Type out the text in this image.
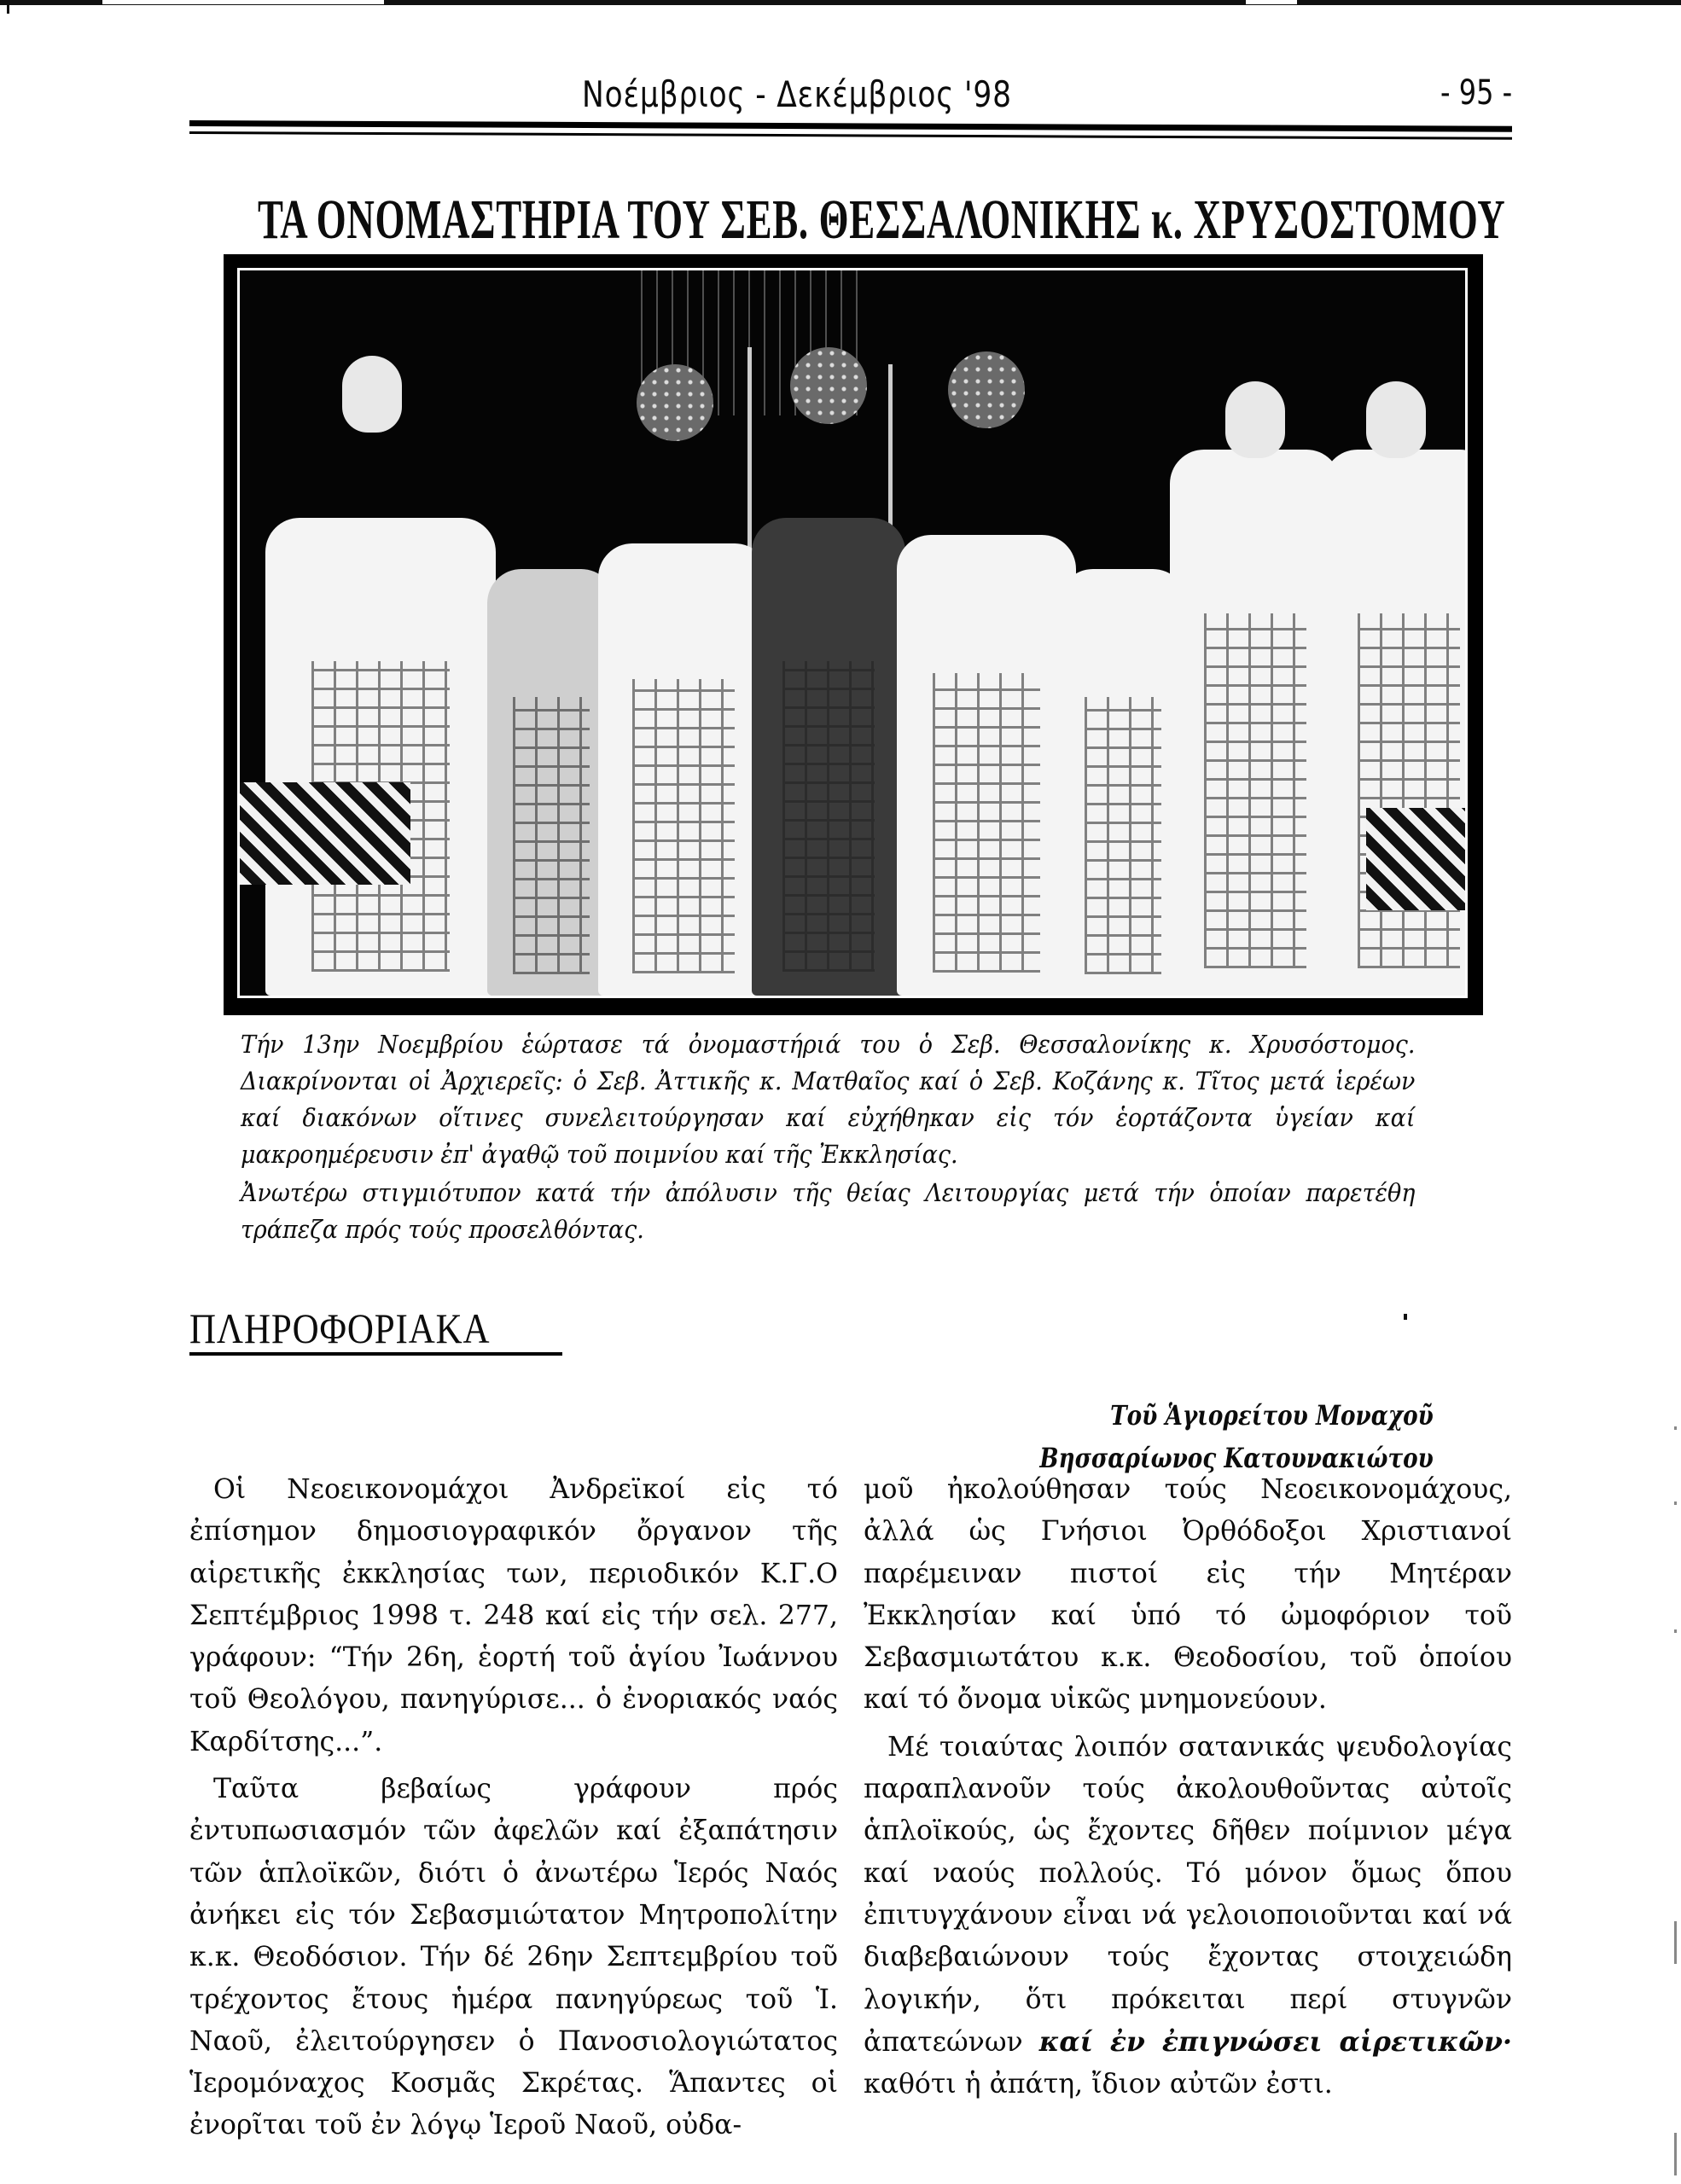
Νοέμβριος - Δεκέμβριος '98	- 95 -
ΤΑ ΟΝΟΜΑΣΤΗΡΙΑ ΤΟΥ ΣΕΒ. ΘΕΣΣΑΛΟΝΙΚΗΣ κ. ΧΡΥΣΟΣΤΟΜΟΥ

Τήν 13ην Νοεμβρίου ἑώρτασε τά ὀνομαστήριά του ὁ Σεβ. Θεσσαλονίκης κ. Χρυσόστομος. Διακρίνονται οἱ Ἀρχιερεῖς: ὁ Σεβ. Ἀττικῆς κ. Ματθαῖος καί ὁ Σεβ. Κοζάνης κ. Τῖτος μετά ἱερέων καί διακόνων οἵτινες συνελειτούργησαν καί εὐχήθηκαν εἰς τόν ἑορτάζοντα ὑγείαν καί μακροημέρευσιν ἐπ' ἀγαθῷ τοῦ ποιμνίου καί τῆς Ἐκκλησίας.

Ἀνωτέρω στιγμιότυπον κατά τήν ἀπόλυσιν τῆς θείας Λειτουργίας μετά τήν ὁποίαν παρετέθη τράπεζα πρός τούς προσελθόντας.

ΠΛΗΡΟΦΟΡΙΑΚΑ
Τοῦ Ἁγιορείτου Μοναχοῦ
Βησσαρίωνος Κατουνακιώτου

Οἱ Νεοεικονομάχοι Ἀνδρεϊκοί εἰς τό ἐπίσημον δημοσιογραφικόν ὄργανον τῆς αἱρετικῆς ἐκκλησίας των, περιοδικόν Κ.Γ.Ο Σεπτέμβριος 1998 τ. 248 καί εἰς τήν σελ. 277, γράφουν: “Τήν 26η, ἑορτή τοῦ ἁγίου Ἰωάννου τοῦ Θεολόγου, πανηγύρισε... ὁ ἐνοριακός ναός Καρδίτσης...”.

Ταῦτα βεβαίως γράφουν πρός ἐντυπωσιασμόν τῶν ἀφελῶν καί ἐξαπάτησιν τῶν ἁπλοϊκῶν, διότι ὁ ἀνωτέρω Ἱερός Ναός ἀνήκει εἰς τόν Σεβασμιώτατον Μητροπολίτην κ.κ. Θεοδόσιον. Τήν δέ 26ην Σεπτεμβρίου τοῦ τρέχοντος ἔτους ἡμέρα πανηγύρεως τοῦ Ἱ. Ναοῦ, ἐλειτούργησεν ὁ Πανοσιολογιώτατος Ἱερομόναχος Κοσμᾶς Σκρέτας. Ἅπαντες οἱ ἐνορῖται τοῦ ἐν λόγῳ Ἱεροῦ Ναοῦ, οὐδα-

μοῦ ἠκολούθησαν τούς Νεοεικονομάχους, ἀλλά ὡς Γνήσιοι Ὀρθόδοξοι Χριστιανοί παρέμειναν πιστοί εἰς τήν Μητέραν Ἐκκλησίαν καί ὑπό τό ὠμοφόριον τοῦ Σεβασμιωτάτου κ.κ. Θεοδοσίου, τοῦ ὁποίου καί τό ὄνομα υἱκῶς μνημονεύουν.

Μέ τοιαύτας λοιπόν σατανικάς ψευδολογίας παραπλανοῦν τούς ἀκολουθοῦντας αὐτοῖς ἁπλοϊκούς, ὡς ἔχοντες δῆθεν ποίμνιον μέγα καί ναούς πολλούς. Τό μόνον ὅμως ὅπου ἐπιτυγχάνουν εἶναι νά γελοιοποιοῦνται καί νά διαβεβαιώνουν τούς ἔχοντας στοιχειώδη λογικήν, ὅτι πρόκειται περί στυγνῶν ἀπατεώνων καί ἐν ἐπιγνώσει αἱρετικῶν· καθότι ἡ ἀπάτη, ἴδιον αὐτῶν ἐστι.
